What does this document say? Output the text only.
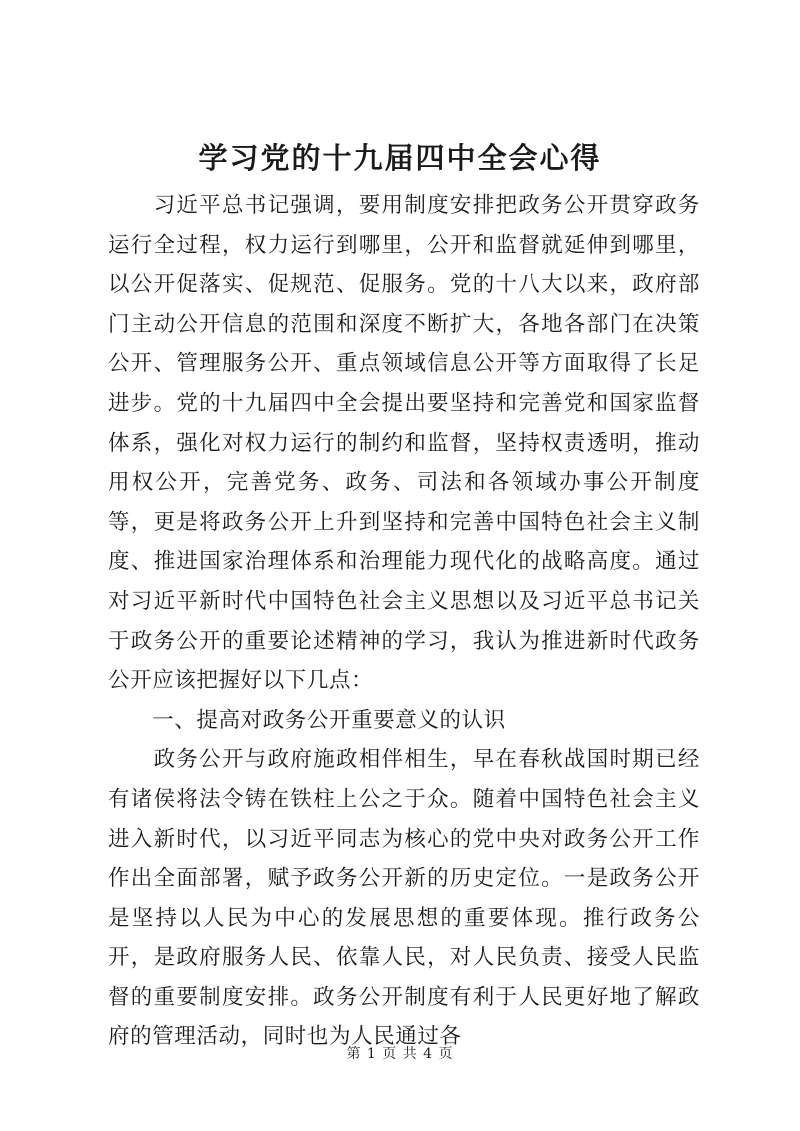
学习党的十九届四中全会心得

　　习近平总书记强调，要用制度安排把政务公开贯穿政务运行全过程，权力运行到哪里，公开和监督就延伸到哪里，以公开促落实、促规范、促服务。党的十八大以来，政府部门主动公开信息的范围和深度不断扩大，各地各部门在决策公开、管理服务公开、重点领域信息公开等方面取得了长足进步。党的十九届四中全会提出要坚持和完善党和国家监督体系，强化对权力运行的制约和监督，坚持权责透明，推动用权公开，完善党务、政务、司法和各领域办事公开制度等，更是将政务公开上升到坚持和完善中国特色社会主义制度、推进国家治理体系和治理能力现代化的战略高度。通过对习近平新时代中国特色社会主义思想以及习近平总书记关于政务公开的重要论述精神的学习，我认为推进新时代政务公开应该把握好以下几点：

　　一、提高对政务公开重要意义的认识

　　政务公开与政府施政相伴相生，早在春秋战国时期已经有诸侯将法令铸在铁柱上公之于众。随着中国特色社会主义进入新时代，以习近平同志为核心的党中央对政务公开工作作出全面部署，赋予政务公开新的历史定位。一是政务公开是坚持以人民为中心的发展思想的重要体现。推行政务公开，是政府服务人民、依靠人民，对人民负责、接受人民监督的重要制度安排。政务公开制度有利于人民更好地了解政府的管理活动，同时也为人民通过各

第 1 页 共 4 页
